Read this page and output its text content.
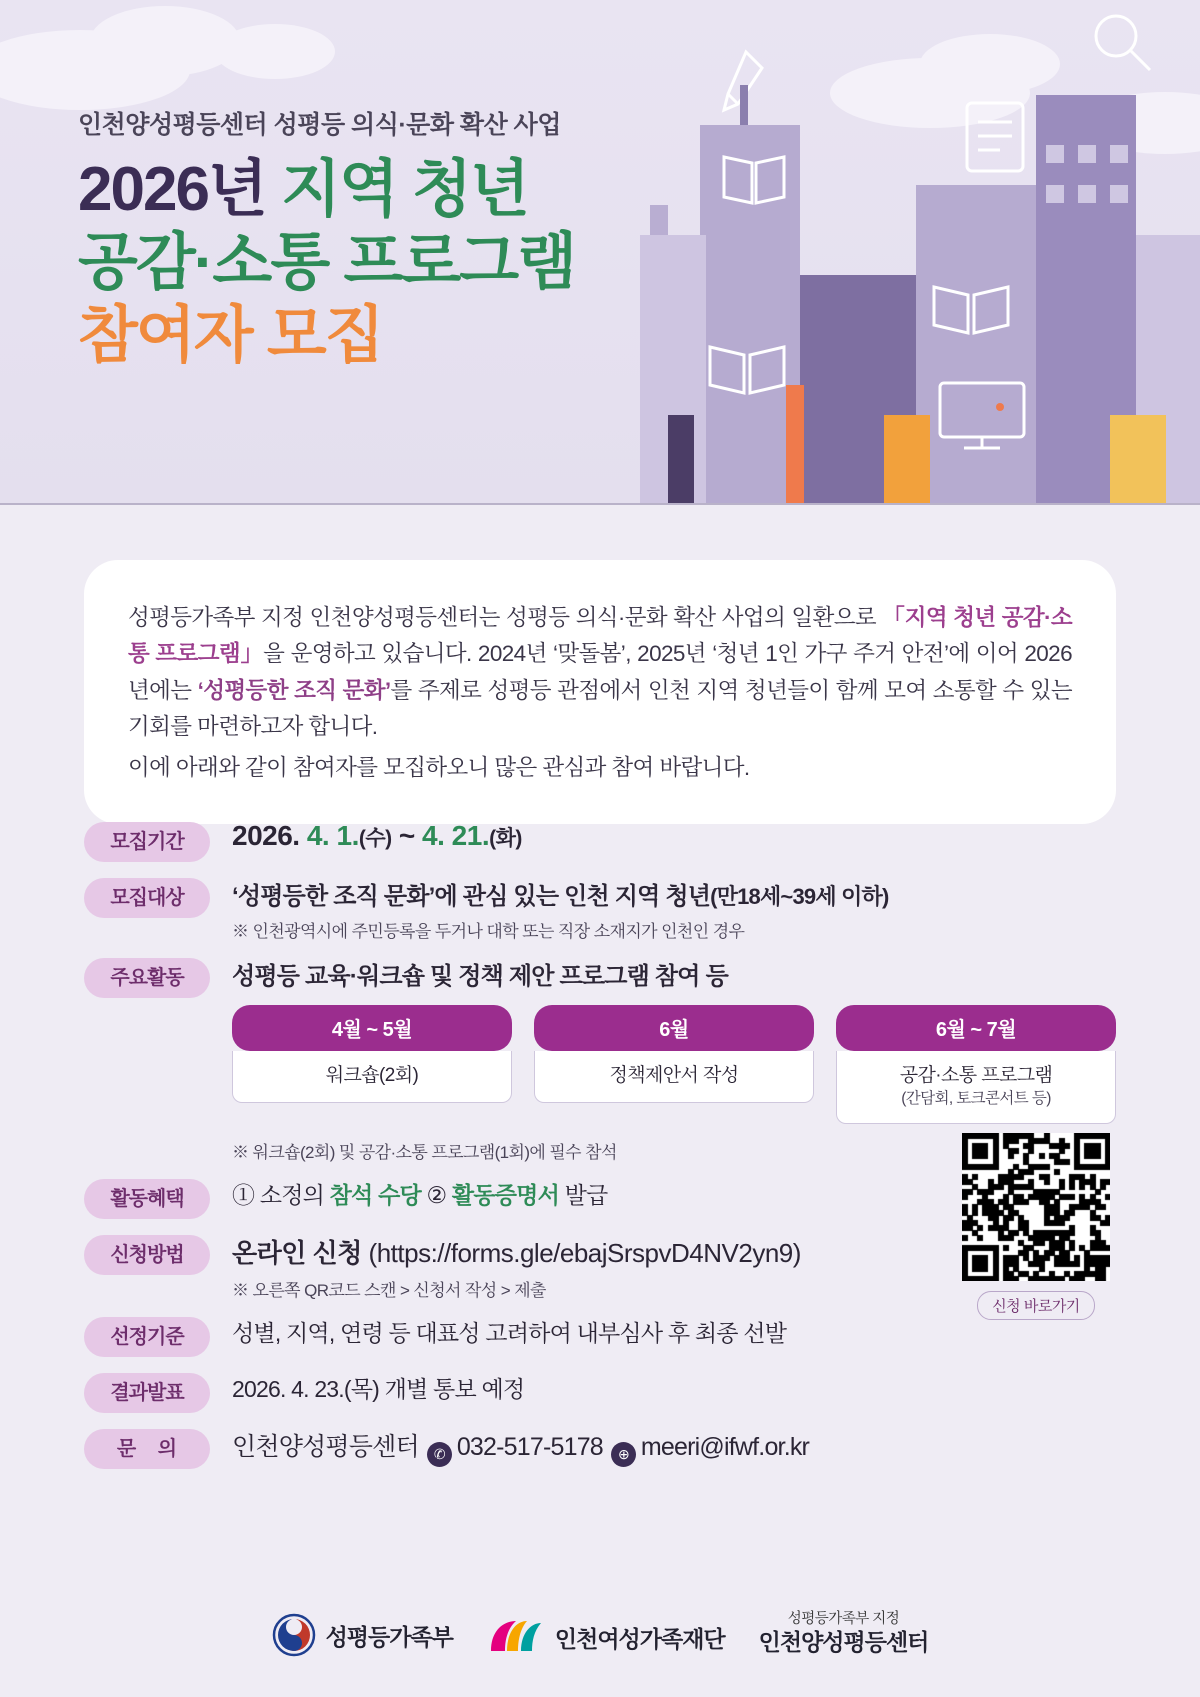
인천양성평등센터 성평등 의식·문화 확산 사업
2026년 지역 청년
공감·소통 프로그램
참여자 모집

성평등가족부 지정 인천양성평등센터는 성평등 의식·문화 확산 사업의 일환으로 「지역 청년 공감·소통 프로그램」을 운영하고 있습니다. 2024년 ‘맞돌봄’, 2025년 ‘청년 1인 가구 주거 안전’에 이어 2026년에는 ‘성평등한 조직 문화’를 주제로 성평등 관점에서 인천 지역 청년들이 함께 모여 소통할 수 있는 기회를 마련하고자 합니다.

이에 아래와 같이 참여자를 모집하오니 많은 관심과 참여 바랍니다.

모집기간	2026. 4. 1.(수) ~ 4. 21.(화)
모집대상	‘성평등한 조직 문화’에 관심 있는 인천 지역 청년(만18세~39세 이하)
※ 인천광역시에 주민등록을 두거나 대학 또는 직장 소재지가 인천인 경우
주요활동	성평등 교육·워크숍 및 정책 제안 프로그램 참여 등
4월 ~ 5월
워크숍(2회)
6월
정책제안서 작성
6월 ~ 7월
공감·소통 프로그램
(간담회, 토크콘서트 등)
※ 워크숍(2회) 및 공감·소통 프로그램(1회)에 필수 참석
활동혜택	① 소정의 참석 수당 ② 활동증명서 발급
신청방법	온라인 신청 (https://forms.gle/ebajSrspvD4NV2yn9)
※ 오른쪽 QR코드 스캔 > 신청서 작성 > 제출
선정기준	성별, 지역, 연령 등 대표성 고려하여 내부심사 후 최종 선발
결과발표	2026. 4. 23.(목) 개별 통보 예정
문 의	인천양성평등센터 ✆ 032-517-5178 ⊕ meeri@ifwf.or.kr
신청 바로가기
성평등가족부	인천여성가족재단
성평등가족부 지정
인천양성평등센터
